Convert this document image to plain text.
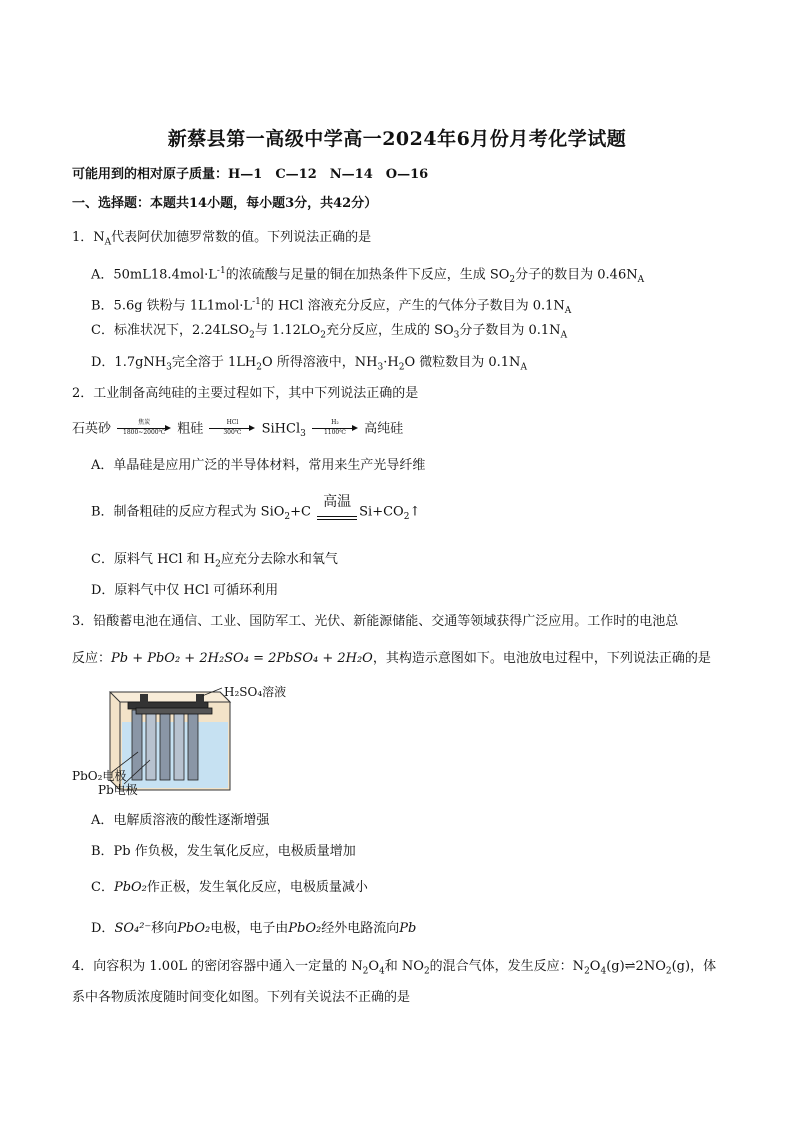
新蔡县第一高级中学高一2024年6月份月考化学试题
可能用到的相对原子质量：H—1　C—12　N—14　O—16
一、选择题：本题共14小题，每小题3分，共42分）
1．$N_A$代表阿伏加德罗常数的值。下列说法正确的是
A．$50mL18.4mol\cdot L^{-1}$的浓硫酸与足量的铜在加热条件下反应，生成 $SO_2$分子的数目为 $0.46N_A$
B．5.6g 铁粉与 $1L1mol\cdot L^{-1}$的 HCl 溶液充分反应，产生的气体分子数目为 $0.1N_A$
C．标准状况下，$2.24LSO_2$与 $1.12LO_2$充分反应，生成的 $SO_3$分子数目为 $0.1N_A$
D．1.7gNH$_3$完全溶于 $1LH_2O$ 所得溶液中，$NH_3\cdot H_2O$ 微粒数目为 $0.1N_A$
2．工业制备高纯硅的主要过程如下，其中下列说法正确的是
石英砂	焦炭
1800~2000℃ 粗硅	HCl
300℃	SiHCl$_3$ $\frac{\text{H₂}}{1100℃}$ 高纯硅
A．单晶硅是应用广泛的半导体材料，常用来生产光导纤维
B．制备粗硅的反应方程式为 SiO$_2$+C
高温
$Si+CO_2↑$
C．原料气 HCl 和 $H_2$应充分去除水和氧气
D．原料气中仅 HCl 可循环利用
3．铅酸蓄电池在通信、工业、国防军工、光伏、新能源储能、交通等领域获得广泛应用。工作时的电池总
反应：Pb + PbO₂ + 2H₂SO₄ = 2PbSO₄ + 2H₂O，其构造示意图如下。电池放电过程中，下列说法正确的是
H₂SO₄溶液
PbO₂电极
Pb电极
A．电解质溶液的酸性逐渐增强
B．Pb 作负极，发生氧化反应，电极质量增加
C．PbO₂作正极，发生氧化反应，电极质量减小
D．SO₄²⁻移向PbO₂电极，电子由PbO₂经外电路流向Pb
4．向容积为 1.00L 的密闭容器中通入一定量的 $N_2O_4$和 $NO_2$的混合气体，发生反应：$N_2O_4(g)\rightleftharpoons 2NO_2(g)$，体
系中各物质浓度随时间变化如图。下列有关说法不正确的是
